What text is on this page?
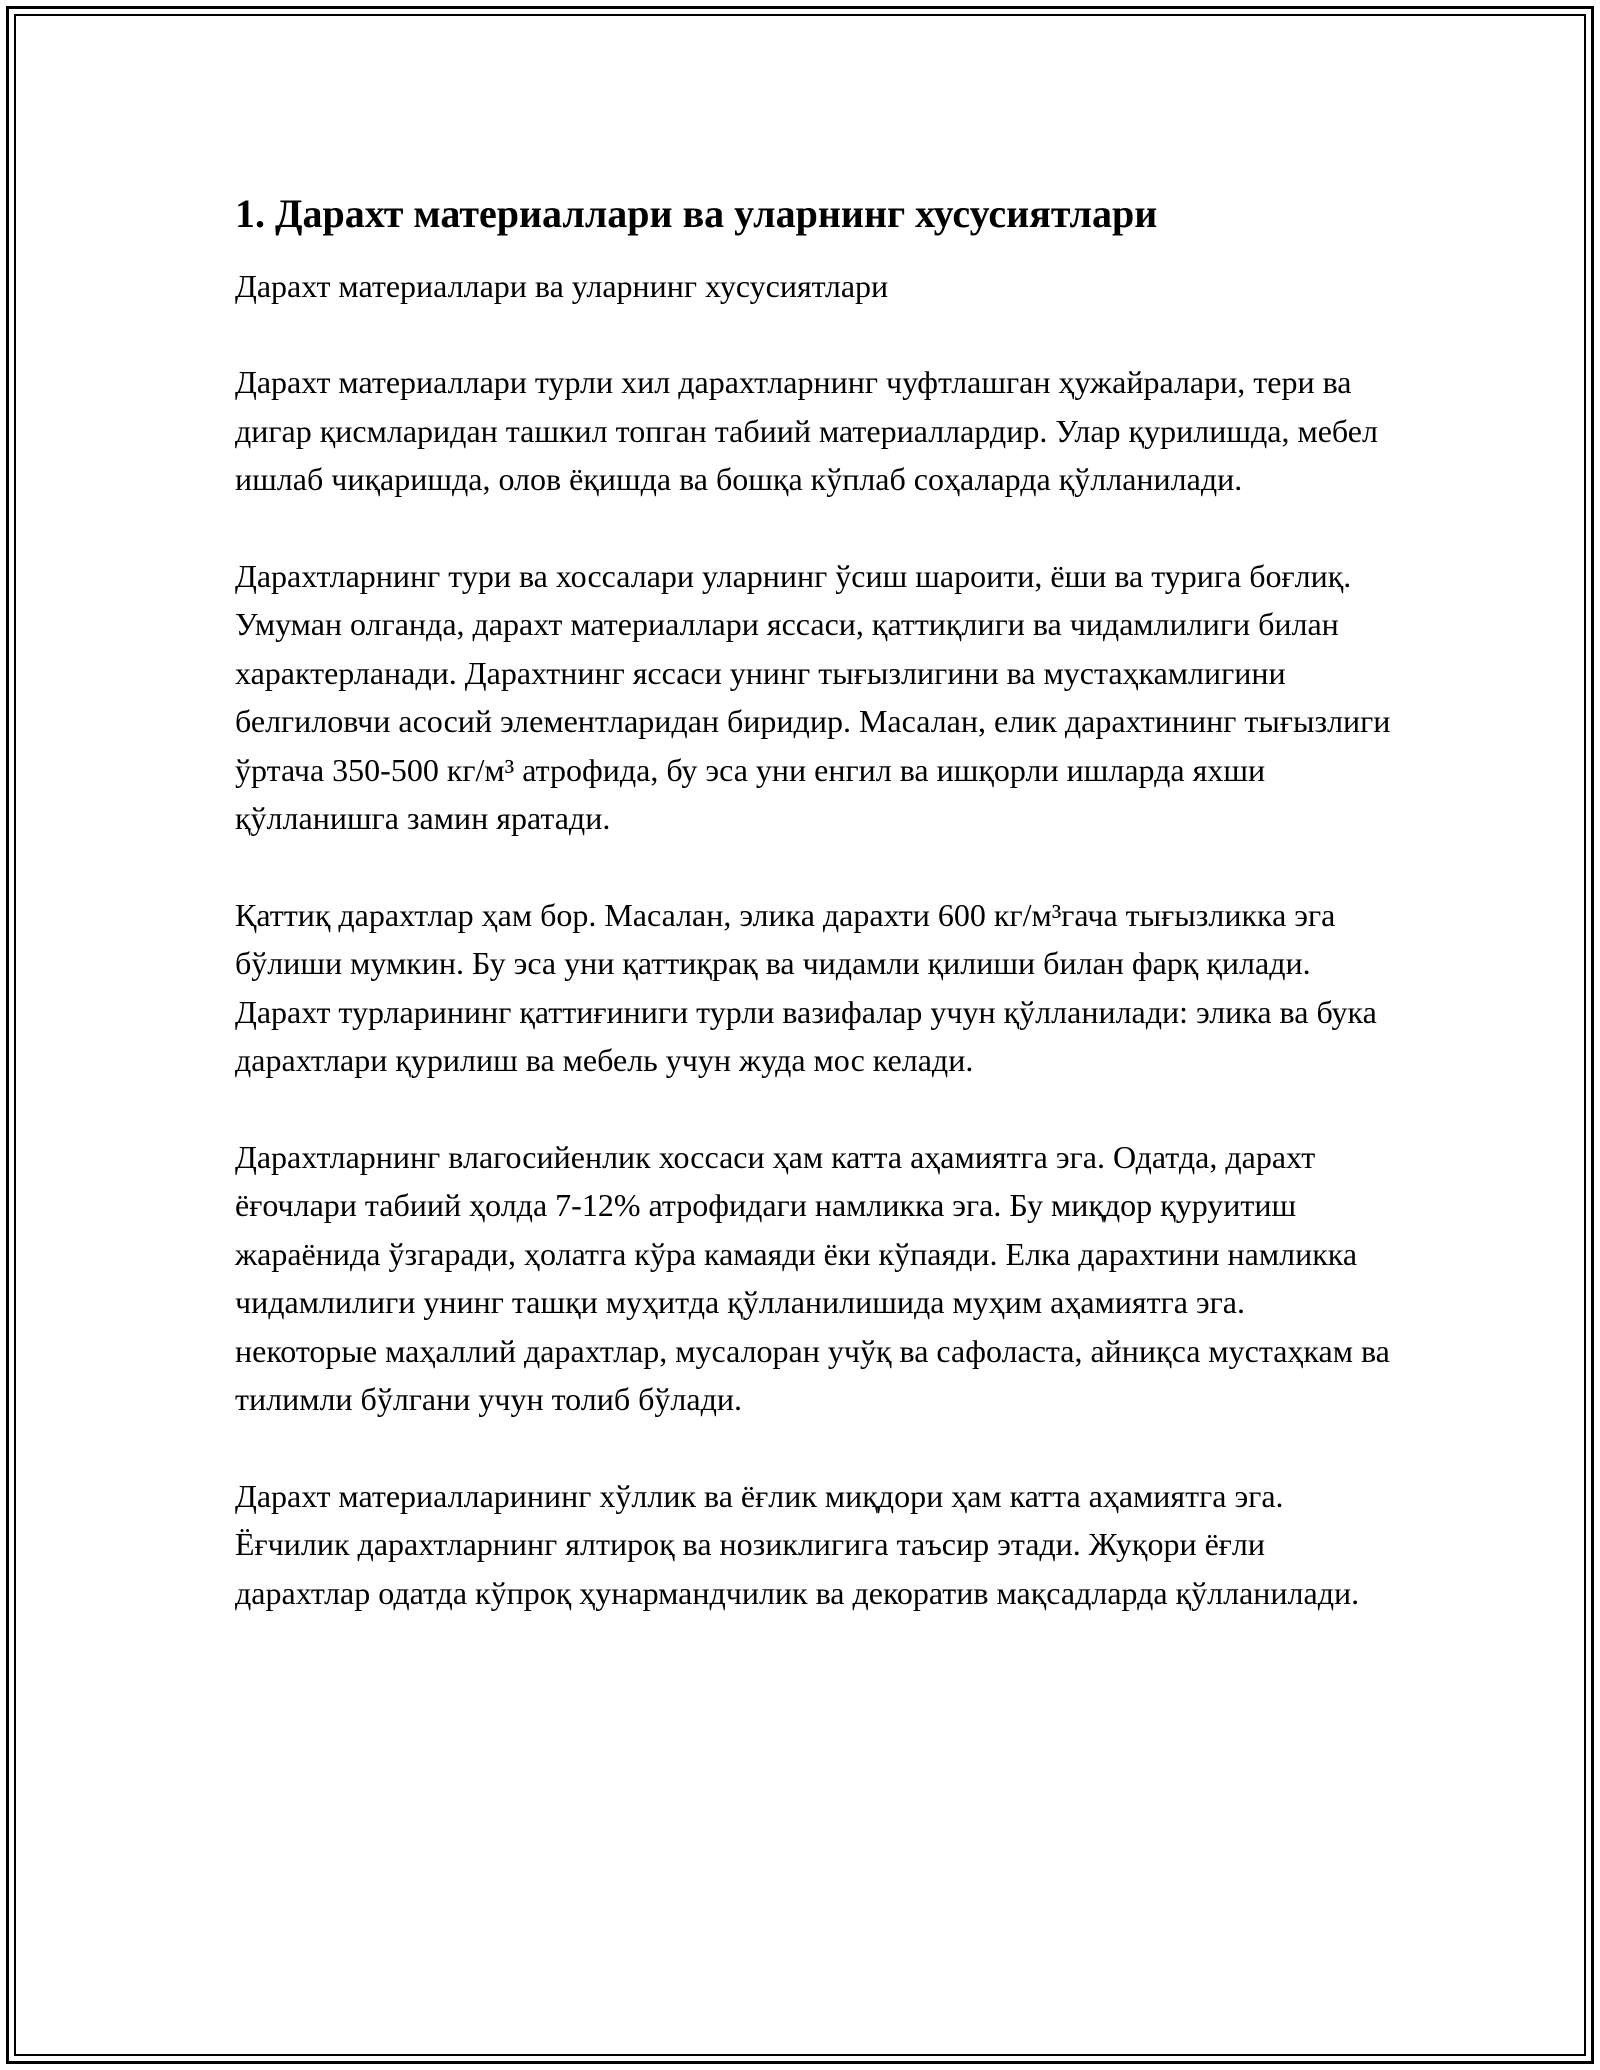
1. Дарахт материаллари ва уларнинг хусусиятлари

Дарахт материаллари ва уларнинг хусусиятлари

Дарахт материаллари турли хил дарахтларнинг чуфтлашган ҳужайралари, тери ва дигар қисмларидан ташкил топган табиий материаллардир. Улар қурилишда, мебел ишлаб чиқаришда, олов ёқишда ва бошқа кўплаб соҳаларда қўлланилади.

Дарахтларнинг тури ва хоссалари уларнинг ўсиш шароити, ёши ва турига боғлиқ. Умуман олганда, дарахт материаллари яссаси, қаттиқлиги ва чидамлилиги билан характерланади. Дарахтнинг яссаси унинг тығызлигини ва мустаҳкамлигини белгиловчи асосий элементларидан биридир. Масалан, елик дарахтининг тығызлиги ўртача 350-500 кг/м³ атрофида, бу эса уни енгил ва ишқорли ишларда яхши қўлланишга замин яратади.

Қаттиқ дарахтлар ҳам бор. Масалан, элика дарахти 600 кг/м³гача тығызликка эга бўлиши мумкин. Бу эса уни қаттиқрақ ва чидамли қилиши билан фарқ қилади. Дарахт турларининг қаттиғиниги турли вазифалар учун қўлланилади: элика ва бука дарахтлари қурилиш ва мебель учун жуда мос келади.

Дарахтларнинг влагосийенлик хоссаси ҳам катта аҳамиятга эга. Одатда, дарахт ёғочлари табиий ҳолда 7-12% атрофидаги намликка эга. Бу миқдор қуруитиш жараёнида ўзгаради, ҳолатга кўра камаяди ёки кўпаяди. Елка дарахтини намликка чидамлилиги унинг ташқи муҳитда қўлланилишида муҳим аҳамиятга эга. некоторые маҳаллий дарахтлар, мусалоран учўқ ва сафоласта, айниқса мустаҳкам ва тилимли бўлгани учун толиб бўлади.

Дарахт материалларининг хўллик ва ёғлик миқдори ҳам катта аҳамиятга эга. Ёғчилик дарахтларнинг ялтироқ ва нозиклигига таъсир этади. Жуқори ёғли дарахтлар одатда кўпроқ ҳунармандчилик ва декоратив мақсадларда қўлланилади.
